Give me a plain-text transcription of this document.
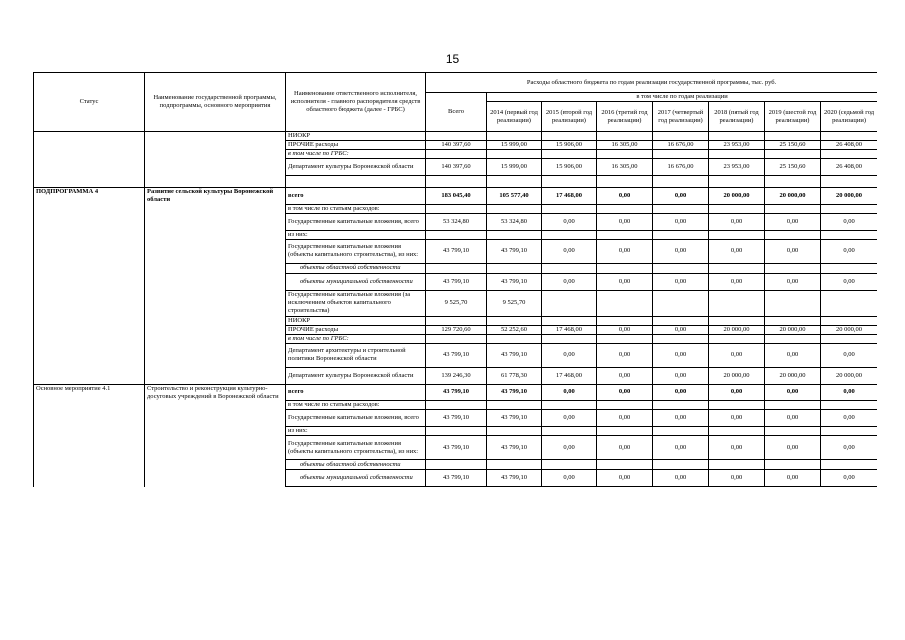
15
Статус	Наименование государственной программы, подпрограммы, основного мероприятия	Наименование ответственного исполнителя, исполнителя - главного распорядителя средств областного бюджета (далее - ГРБС)	Расходы областного бюджета по годам реализации государственной программы, тыс. руб.							
			Всего	в том числе по годам реализации						
				2014 (первый год реализации)	2015 (второй год реализации)	2016 (третий год реализации)	2017 (четвертый год реализации)	2018 (пятый год реализации)	2019 (шестой год реализации)	2020 (седьмой год реализации)
		НИОКР								
		ПРОЧИЕ расходы	140 397,60	15 999,00	15 906,00	16 305,00	16 676,00	23 953,00	25 150,60	26 408,00
		в том числе по ГРБС:								
		Департамент культуры Воронежской области	140 397,60	15 999,00	15 906,00	16 305,00	16 676,00	23 953,00	25 150,60	26 408,00

ПОДПРОГРАММА 4	Развитие сельской культуры Воронежской области	всего	183 045,40	105 577,40	17 468,00	0,00	0,00	20 000,00	20 000,00	20 000,00
		в том числе по статьям расходов:								
		Государственные капитальные вложения, всего	53 324,80	53 324,80	0,00	0,00	0,00	0,00	0,00	0,00
		из них:								
		Государственные капитальные вложения (объекты капитального строительства), из них:	43 799,10	43 799,10	0,00	0,00	0,00	0,00	0,00	0,00
		объекты областной собственности								
		объекты муниципальной собственности	43 799,10	43 799,10	0,00	0,00	0,00	0,00	0,00	0,00
		Государственные капитальные вложения (за исключением объектов капитального строительства)	9 525,70	9 525,70						
		НИОКР								
		ПРОЧИЕ расходы	129 720,60	52 252,60	17 468,00	0,00	0,00	20 000,00	20 000,00	20 000,00
		в том числе по ГРБС:								
		Департамент архитектуры и строительной политики Воронежской области	43 799,10	43 799,10	0,00	0,00	0,00	0,00	0,00	0,00
		Департамент культуры Воронежской области	139 246,30	61 778,30	17 468,00	0,00	0,00	20 000,00	20 000,00	20 000,00
Основное мероприятие 4.1	Строительство и реконструкция культурно-досуговых учреждений в Воронежской области	всего	43 799,10	43 799,10	0,00	0,00	0,00	0,00	0,00	0,00
		в том числе по статьям расходов:								
		Государственные капитальные вложения, всего	43 799,10	43 799,10	0,00	0,00	0,00	0,00	0,00	0,00
		из них:								
		Государственные капитальные вложения (объекты капитального строительства), из них:	43 799,10	43 799,10	0,00	0,00	0,00	0,00	0,00	0,00
		объекты областной собственности								
		объекты муниципальной собственности	43 799,10	43 799,10	0,00	0,00	0,00	0,00	0,00	0,00
